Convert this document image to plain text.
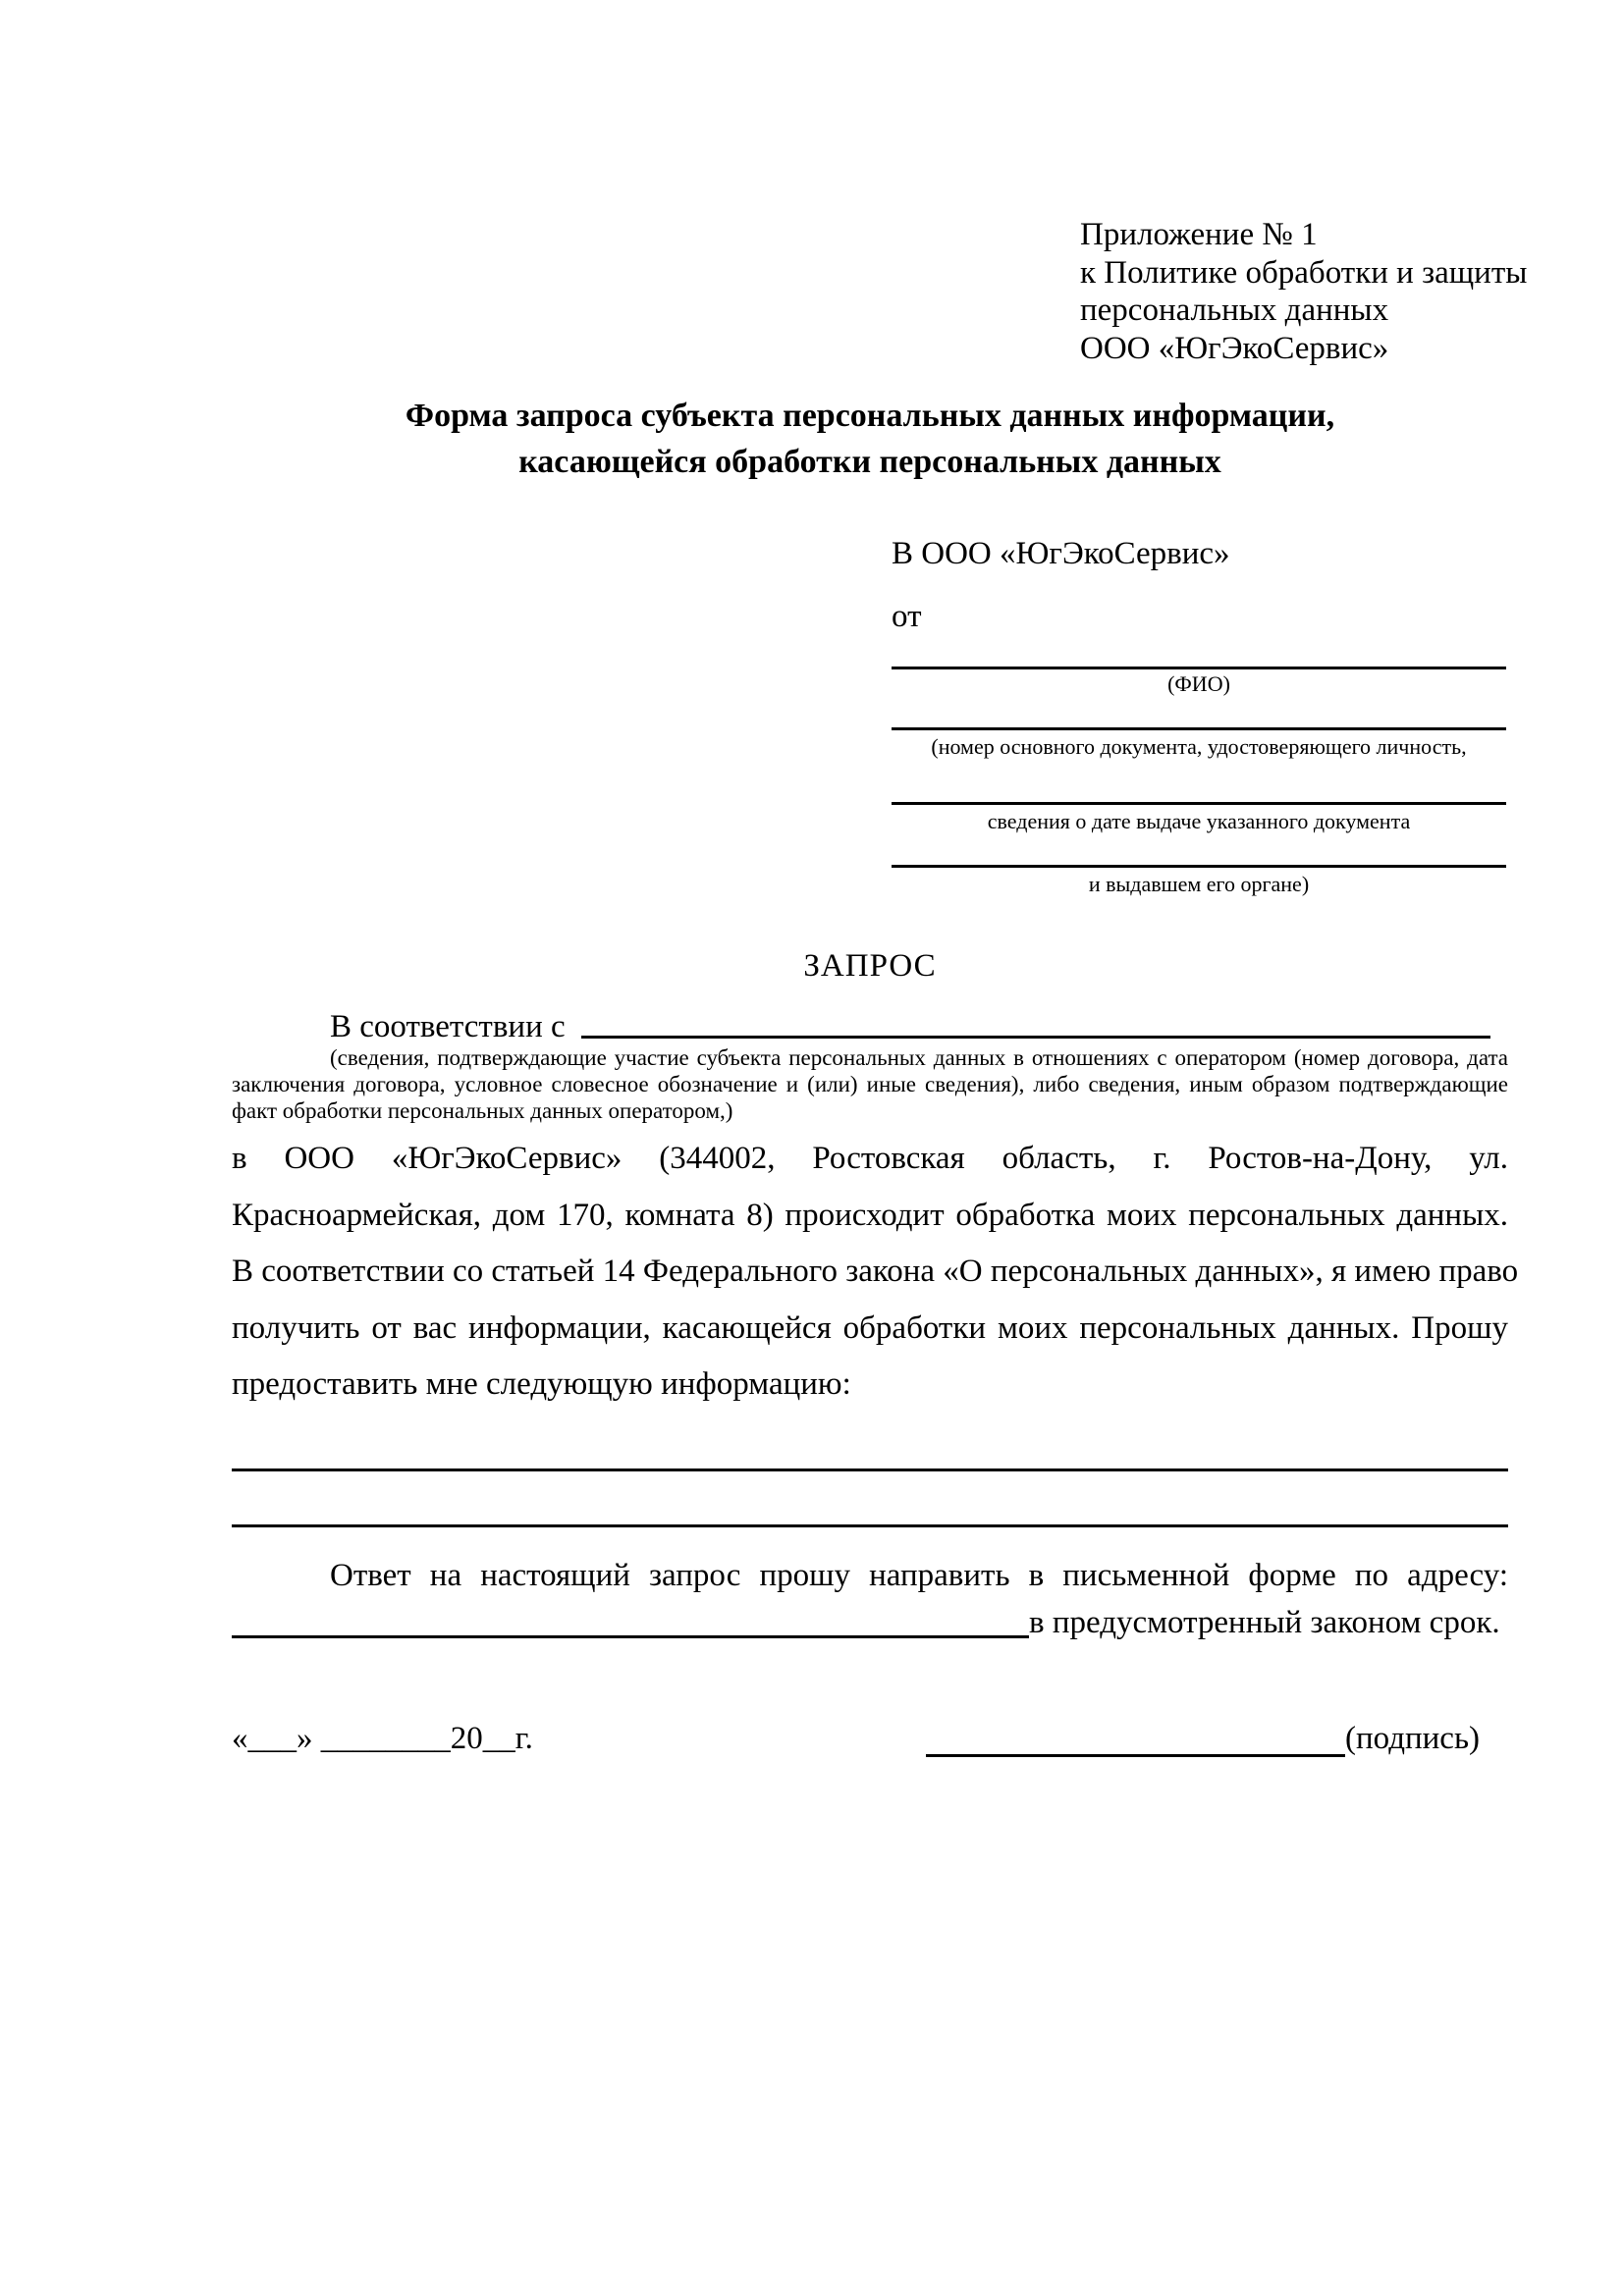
Приложение № 1
к Политике обработки и защиты
персональных данных
ООО «ЮгЭкоСервис»
Форма запроса субъекта персональных данных информации,
касающейся обработки персональных данных
В ООО «ЮгЭкоСервис»
от
(ФИО)
(номер основного документа, удостоверяющего личность,
сведения о дате выдаче указанного документа
и выдавшем его органе)
ЗАПРОС
В соответствии с
(сведения, подтверждающие участие субъекта персональных данных в отношениях с оператором (номер договора, дата заключения договора, условное словесное обозначение и (или) иные сведения), либо сведения, иным образом подтверждающие факт обработки персональных данных оператором,)
в ООО «ЮгЭкоСервис» (344002, Ростовская область, г. Ростов-на-Дону, ул.
Красноармейская, дом 170, комната 8) происходит обработка моих персональных данных.
В соответствии со статьей 14 Федерального закона «О персональных данных», я имею право
получить от вас информации, касающейся обработки моих персональных данных. Прошу
предоставить мне следующую информацию:
Ответ на настоящий запрос прошу направить в письменной форме по адресу:
в предусмотренный законом срок.
«___» ________20__г.	(подпись)
